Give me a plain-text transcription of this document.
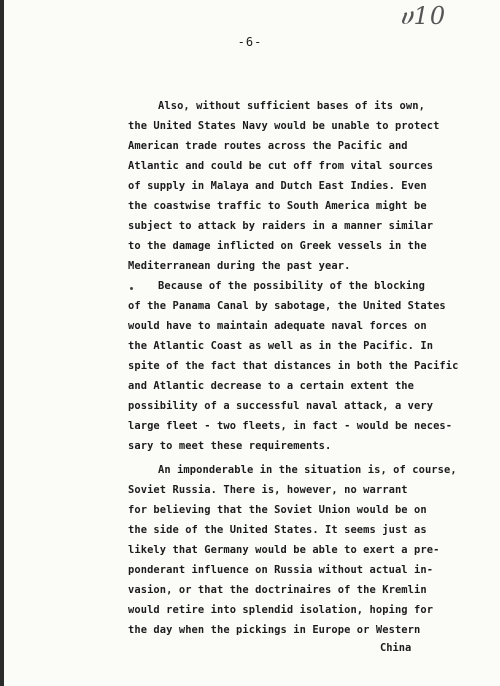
ሀ10
-6-
Also, without sufficient bases of its own,
the United States Navy would be unable to protect
American trade routes across the Pacific and
Atlantic and could be cut off from vital sources
of supply in Malaya and Dutch East Indies. Even
the coastwise traffic to South America might be
subject to attack by raiders in a manner similar
to the damage inflicted on Greek vessels in the
Mediterranean during the past year.
Because of the possibility of the blocking
of the Panama Canal by sabotage, the United States
would have to maintain adequate naval forces on
the Atlantic Coast as well as in the Pacific. In
spite of the fact that distances in both the Pacific
and Atlantic decrease to a certain extent the
possibility of a successful naval attack, a very
large fleet - two fleets, in fact - would be neces-
sary to meet these requirements.
An imponderable in the situation is, of course,
Soviet Russia. There is, however, no warrant
for believing that the Soviet Union would be on
the side of the United States. It seems just as
likely that Germany would be able to exert a pre-
ponderant influence on Russia without actual in-
vasion, or that the doctrinaires of the Kremlin
would retire into splendid isolation, hoping for
the day when the pickings in Europe or Western
China
